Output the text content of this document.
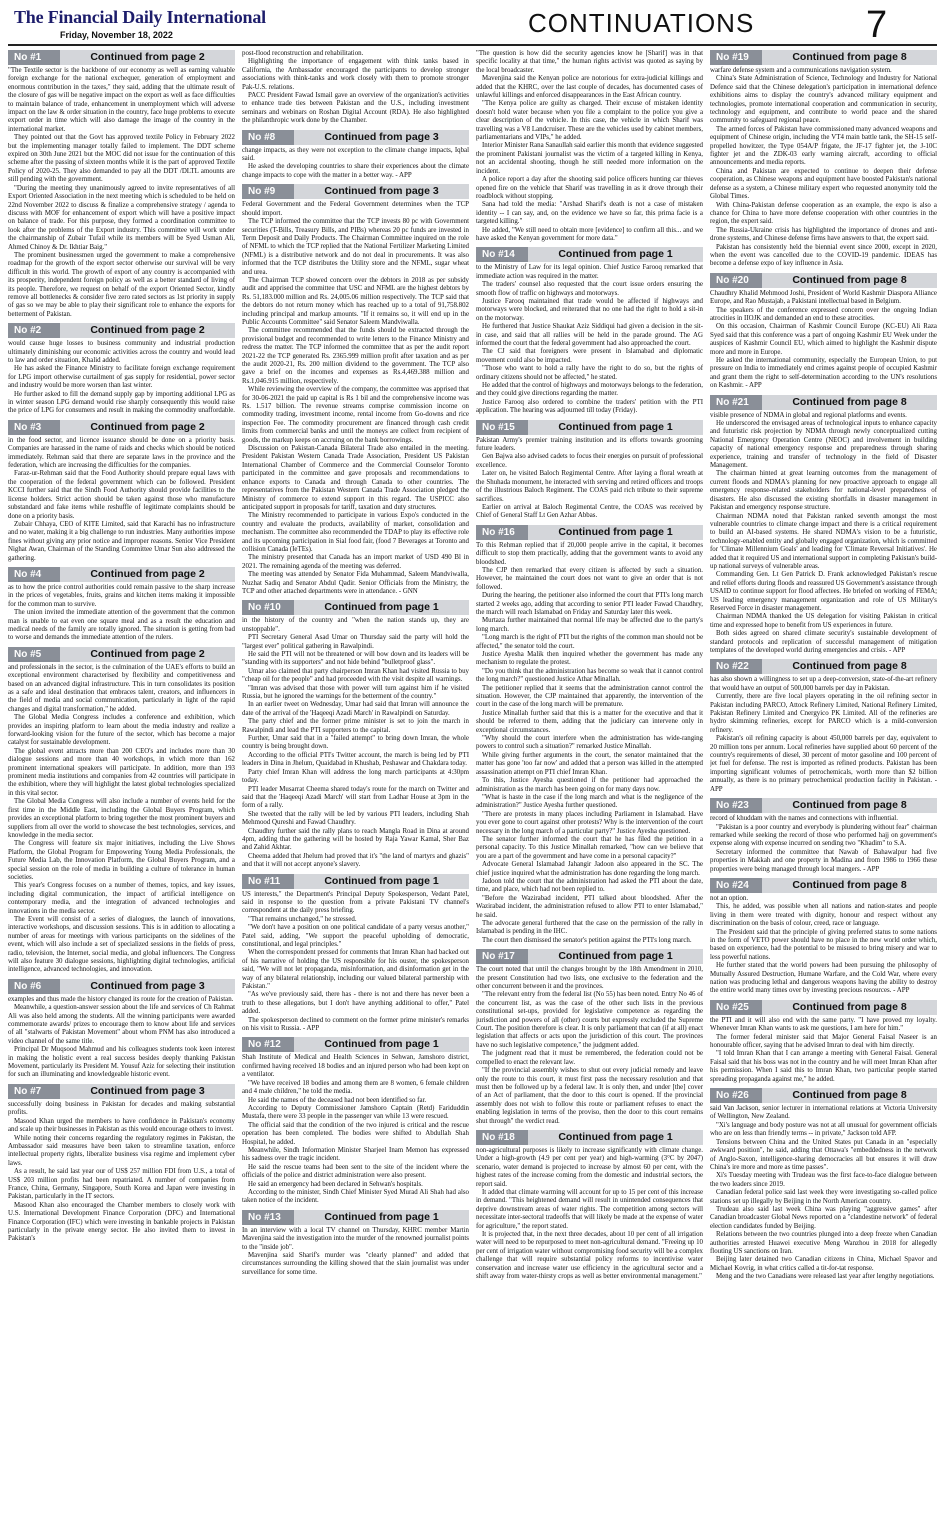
The Financial Daily International
Friday, November 18, 2022	CONTINUATIONS	7
No #1	Continued from page 2

"The Textile sector is the backbone of our economy as well as earning valuable foreign exchange for the national exchequer, generation of employment and enormous contribution in the taxes," they said, adding that the ultimate result of the closure of gas will be negative impact on the export as well as face difficulties to maintain balance of trade, enhancement in unemployment which will adverse impact on the law & order situation in the country, face huge problems to execute export order in time which will also damage the image of the country in the international market.

They pointed out that the Govt has approved textile Policy in February 2022 but the implementing manager totally failed to implement. The DDT scheme expired on 30th June 2021 but the MOC did not issue for the continuation of this scheme after the passing of sixteen months while it is the part of approved Textile Policy of 2020-25. They also demanded to pay all the DDT /DLTL amounts are still pending with the government.

"During the meeting they unanimously agreed to invite representatives of all Export Oriented Association in the next meeting which is scheduled to be held on 22nd November 2022 to discuss & finalize a comprehensive strategy / agenda to discuss with MOF for enhancement of export which will have a positive impact on balance of trade. For this purpose, they formed a coordination committee to look after the problems of the Export industry. This committee will work under the chairmanship of Zubair Tufail while its members will be Syed Usman Ali, Ahmed Chinoy & Dr. Ikhtiar Baig."

The prominent businessmen urged the government to make a comprehensive roadmap for the growth of the export sector otherwise our survival will be very difficult in this world. The growth of export of any country is accompanied with its prosperity, independent foreign policy as well as a better standard of living of its people. Therefore, we request on behalf of the export Oriented Sector, kindly remove all bottlenecks & consider five zero rated sectors as 1st priority in supply of gas so we may be able to play their significant role to enhance the exports for betterment of Pakistan.

No #2	Continued from page 2

would cause huge losses to business community and industrial production ultimately diminishing our economic activities across the country and would lead to law and order situation, Khalid added.

He has asked the Finance Ministry to facilitate foreign exchange requirement for LPG import otherwise curtailment of gas supply for residential, power sector and industry would be more worsen than last winter.

He further asked to fill the demand supply gap by importing additional LPG as in winter season LPG demand would rise sharply consequently this would raise the price of LPG for consumers and result in making the commodity unaffordable.

No #3	Continued from page 2

in the food sector, and licence issuance should be done on a priority basis. Companies are harassed in the name of raids and checks which should be noticed immediately. Rehman said that there are separate laws in the province and the federation, which are increasing the difficulties for the companies.

Faraz-ur-Rehman said that the Food Authority should prepare equal laws with the cooperation of the federal government which can be followed. President KCCI further said that the Sindh Food Authority should provide facilities to the license holders. Strict action should be taken against those who manufacture substandard and fake items while reshuffle of legitimate complaints should be done on a priority basis.

Zubair Chhaya, CEO of KITE Limited, said that Karachi has no infrastructure and no water, making it a big challenge to run industries. Many authorities impose fines without giving any prior notice and improper reasons. Senior Vice President Nighat Awan, Chairman of the Standing Committee Umar Sun also addressed the gathering.

No #4	Continued from page 2

as to how the price control authorities could remain passive to the sharp increase in the prices of vegetables, fruits, grains and kitchen items making it impossible for the common man to survive.

The union invited the immediate attention of the government that the common man is unable to eat even one square meal and as a result the education and medical needs of the family are totally ignored. The situation is getting from bad to worse and demands the immediate attention of the rulers.

No #5	Continued from page 2

and professionals in the sector, is the culmination of the UAE's efforts to build an exceptional environment characterised by flexibility and competitiveness and based on an advanced digital infrastructure. This in turn consolidates its position as a safe and ideal destination that embraces talent, creators, and influencers in the field of media and social communication, particularly in light of the rapid changes and digital transformation," he added.

The Global Media Congress includes a conference and exhibition, which provides an inspiring platform to learn about the media industry and realize a forward-looking vision for the future of the sector, which has become a major catalyst for sustainable development.

The global event attracts more than 200 CEO's and includes more than 30 dialogue sessions and more than 40 workshops, in which more than 162 prominent international speakers will participate. In addition, more than 193 prominent media institutions and companies from 42 countries will participate in the exhibition, where they will highlight the latest global technologies specialized in this vital sector.

The Global Media Congress will also include a number of events held for the first time in the Middle East, including the Global Buyers Program, which provides an exceptional platform to bring together the most prominent buyers and suppliers from all over the world to showcase the best technologies, services, and knowledge in the media sector.

The Congress will feature six major initiatives, including the Live Shows Platform, the Global Program for Empowering Young Media Professionals, the Future Media Lab, the Innovation Platform, the Global Buyers Program, and a special session on the role of media in building a culture of tolerance in human societies.

This year's Congress focuses on a number of themes, topics, and key issues, including digital communication, the impact of artificial intelligence on contemporary media, and the integration of advanced technologies and innovations in the media sector.

The Event will consist of a series of dialogues, the launch of innovations, interactive workshops, and discussion sessions. This is in addition to allocating a number of areas for meetings with various participants on the sidelines of the event, which will also include a set of specialized sessions in the fields of press, radio, television, the Internet, social media, and global influencers. The Congress will also feature 30 dialogue sessions, highlighting digital technologies, artificial intelligence, advanced technologies, and innovation.

No #6	Continued from page 3

examples and thus made the history changed its route for the creation of Pakistan.

Meanwhile, a question-answer session about the life and services of Ch Rahmat Ali was also held among the students. All the winning participants were awarded commemorate awards/ prizes to encourage them to know about life and services of all "stalwarts of Pakistan Movement" about whom PNM has also introduced a video channel of the same title.

Principal Dr Muqsood Mahmud and his colleagues students took keen interest in making the holistic event a real success besides deeply thanking Pakistan Movement, particularly its President M. Yousuf Aziz for selecting their institution for such an illuminating and knowledgeable historic event.

No #7	Continued from page 3

successfully doing business in Pakistan for decades and making substantial profits.

Masood Khan urged the members to have confidence in Pakistan's economy and scale up their businesses in Pakistan as this would encourage others to invest.

While noting their concerns regarding the regulatory regimes in Pakistan, the Ambassador said measures have been taken to streamline taxation, enforce intellectual property rights, liberalize business visa regime and implement cyber laws.

As a result, he said last year our of US$ 257 million FDI from U.S., a total of US$ 203 million profits had been repatriated. A number of companies from France, China, Germany, Singapore, South Korea and Japan were investing in Pakistan, particularly in the IT sectors.

Masood Khan also encouraged the Chamber members to closely work with U.S. International Development Finance Corporation (DFC) and International Finance Corporation (IFC) which were investing in bankable projects in Pakistan particularly in the private energy sector. He also invited them to invest in Pakistan's

post-flood reconstruction and rehabilitation.

Highlighting the importance of engagement with think tanks based in California, the Ambassador encouraged the participants to develop stronger associations with think-tanks and work closely with them to promote stronger Pak-U.S. relations.

PACC President Fawad Ismail gave an overview of the organization's activities to enhance trade ties between Pakistan and the U.S., including investment seminars and webinars on Roshan Digital Account (RDA). He also highlighted the philanthropic work done by the Chamber.

No #8	Continued from page 3

change impacts, as they were not exception to the climate change impacts, Iqbal said.

He asked the developing countries to share their experiences about the climate change impacts to cope with the matter in a better way. - APP

No #9	Continued from page 3

Federal Government and the Federal Government determines when the TCP should import.

The TCP informed the committee that the TCP invests 80 pc with Government securities (T-Bills, Treasury Bills, and PIBs) whereas 20 pc funds are invested in Term Deposit and Daily Products. The Chairman Committee inquired on the role of NFML to which the TCP replied that the National Fertilizer Marketing Limited (NFML) is a distributive network and do not deal in procurements. It was also informed that the TCP distributes the Utility store and the NFML, sugar wheat and urea.

The Chairman TCP showed concern over the debtors in 2018 as per subsidy audit and apprised the committee that USC and NFML are the highest debtors by Rs. 51,183.000 million and Rs. 24,005.06 million respectively. The TCP said that the debtors do not return money which has reached up to a total of 91,758.802 including principal and markup amounts. "If it remains so, it will end up in the Public Accounts Committee" said Senator Saleem Mandviwalla.

The committee recommended that the funds should be extracted through the provisional budget and recommended to write letters to the Finance Ministry and redress the matter. The TCP informed the committee that as per the audit report 2021-22 the TCP generated Rs. 2365.999 million profit after taxation and as per the audit 2020-21, Rs. 200 million dividend to the government. The TCP also gave a brief on the incomes and expenses as Rs.4,469.388 million and Rs.1,046.915 million, respectively.

While reviewing the overview of the company, the committee was apprised that for 30-06-2021 the paid up capital is Rs 1 bil and the comprehensive income was Rs. 1.517 billion. The revenue streams comprise commission income on commodity trading, investment income, rental income from Go-downs and rice inspection Fee. The commodity procurement are financed through cash credit limits from commercial banks and until the moneys are collect from recipient of goods, the markup keeps on accruing on the bank borrowings.

Discussion on Pakistan-Canada Bilateral Trade also entailed in the meeting. President Pakistan Western Canada Trade Association, President US Pakistan International Chamber of Commerce and the Commercial Counselor Toronto participated in the committee and gave proposals and recommendations to enhance exports to Canada and through Canada to other countries. The representatives from the Pakistan Western Canada Trade Association pledged the Ministry of commerce to extend support in this regard. The USPICC also anticipated support in proposals for tariff, taxation and duty structures.

The Ministry recommended to participate in various Expo's conducted in the country and evaluate the products, availability of market, consolidation and mechanism. The committee also recommended the TDAP to play its effective role and its upcoming participation in Sial food fair, (food 7 Beverages at Toronto and collision Canada (IeTEs).

The ministry presented that Canada has an import market of USD 490 Bl in 2021. The remaining agenda of the meeting was deferred.

The meeting was attended by Senator Fida Muhammad, Saleem Mandviwalla, Nuzhat Sadiq and Senator Abdul Qadir. Senior Officials from the Ministry, the TCP and other attached departments were in attendance. - GNN

No #10	Continued from page 1

in the history of the country and "when the nation stands up, they are unstoppable".

PTI Secretary General Asad Umar on Thursday said the party will hold the "largest ever" political gathering in Rawalpindi.

He said the PTI will not be threatened or will bow down and its leaders will be "standing with its supporters" and not hide behind "bulletproof glass".

Umar also claimed that party chairperson Imran Khan had visited Russia to buy "cheap oil for the people" and had proceeded with the visit despite all warnings.

"Imran was advised that those with power will turn against him if he visited Russia, but he ignored the warnings for the betterment of the country."

In an earlier tweet on Wednesday, Umar had said that Imran will announce the date of the arrival of the 'Haqeeqi Azadi March' in Rawalpindi on Saturday.

The party chief and the former prime minister is set to join the march in Rawalpindi and lead the PTI supporters to the capital.

Further, Umar said that in a "failed attempt" to bring down Imran, the whole country is being brought down.

According to the official PTI's Twitter account, the march is being led by PTI leaders in Dina in Jhelum, Quaidabad in Khushab, Peshawar and Chakdara today.

Party chief Imran Khan will address the long march participants at 4:30pm today.

PTI leader Musarrat Cheema shared today's route for the march on Twitter and said that the 'Haqeeqi Azadi March' will start from Ladhar House at 3pm in the form of a rally.

She tweeted that the rally will be led by various PTI leaders, including Shah Mehmood Qureshi and Fawad Chaudhry.

Chaudhry further said the rally plans to reach Mangla Road in Dina at around 4pm, adding that the gathering will be hosted by Raja Yawar Kamal, Sher Baz and Zahid Akhtar.

Cheema added that Jhelum had proved that it's "the land of martyrs and ghazis" and that it will not accept anyone's slavery.

No #11	Continued from page 1

US interests," the Department's Principal Deputy Spokesperson, Vedant Patel, said in response to the question from a private Pakistani TV channel's correspondent at the daily press briefing.

"That remains unchanged," he stressed.

"We don't have a position on one political candidate of a party versus another," Patel said, adding, "We support the peaceful upholding of democratic, constitutional, and legal principles."

When the correspondent pressed for comments that Imran Khan had backed out of his narrative of holding the US responsible for his ouster, the spokesperson said, "We will not let propaganda, misinformation, and disinformation get in the way of any bilateral relationship, including our valued bilateral partnership with Pakistan."

"As we've previously said, there has - there is not and there has never been a truth to these allegations, but I don't have anything additional to offer," Patel added.

The spokesperson declined to comment on the former prime minister's remarks on his visit to Russia. - APP

No #12	Continued from page 1

Shah Institute of Medical and Health Sciences in Sehwan, Jamshoro district, confirmed having received 18 bodies and an injured person who had been kept on a ventilator.

"We have received 18 bodies and among them are 8 women, 6 female children and 4 male children," he told the media.

He said the names of the deceased had not been identified so far.

According to Deputy Commissioner Jamshoro Captain (Retd) Fariduddin Mustafa, there were 33 people in the passenger van while 13 were rescued.

The official said that the condition of the two injured is critical and the rescue operation has been completed. The bodies were shifted to Abdullah Shah Hospital, he added.

Meanwhile, Sindh Information Minister Sharjeel Inam Memon has expressed his sadness over the tragic incident.

He said the rescue teams had been sent to the site of the incident where the officials of the police and district administration were also present.

He said an emergency had been declared in Sehwan's hospitals.

According to the minister, Sindh Chief Minister Syed Murad Ali Shah had also taken notice of the incident.

No #13	Continued from page 1

In an interview with a local TV channel on Thursday, KHRC member Martin Mavenjina said the investigation into the murder of the renowned journalist points to the "inside job".

Mavenjina said Sharif's murder was "clearly planned" and added that circumstances surrounding the killing showed that the slain journalist was under surveillance for some time.

"The question is how did the security agencies know he [Sharif] was in that specific locality at that time," the human rights activist was quoted as saying by the local broadcaster.

Mavenjina said the Kenyan police are notorious for extra-judicial killings and added that the KHRC, over the last couple of decades, has documented cases of unlawful killings and enforced disappearances in the East African country.

"The Kenya police are guilty as charged. Their excuse of mistaken identity doesn't hold water because when you file a complaint to the police you give a clear description of the vehicle. In this case, the vehicle in which Sharif was travelling was a V8 Landcruiser. These are the vehicles used by cabinet members, parliamentarians and VIPs," he added.

Interior Minister Rana Sanaullah said earlier this month that evidence suggested the prominent Pakistani journalist was the victim of a targeted killing in Kenya, not an accidental shooting, though he still needed more information on the incident.

A police report a day after the shooting said police officers hunting car thieves opened fire on the vehicle that Sharif was travelling in as it drove through their roadblock without stopping.

Sana had told the media: "Arshad Sharif's death is not a case of mistaken identity -- I can say, and, on the evidence we have so far, this prima facie is a targeted killing."

He added, "We still need to obtain more [evidence] to confirm all this... and we have asked the Kenyan government for more data."

No #14	Continued from page 1

to the Ministry of Law for its legal opinion. Chief Justice Farooq remarked that immediate action was required in the matter.

The traders' counsel also requested that the court issue orders ensuring the smooth flow of traffic on highways and motorways.

Justice Farooq maintained that trade would be affected if highways and motorways were blocked, and reiterated that no one had the right to hold a sit-in on the motorway.

He furthered that Justice Shaukat Aziz Siddiqui had given a decision in the sit-in case, and said that all rallies will be held in the parade ground. The AG informed the court that the federal government had also approached the court.

The CJ said that foreigners were present in Islamabad and diplomatic movement could also be impacted.

"Those who want to hold a rally have the right to do so, but the rights of ordinary citizens should not be affected," he stated.

He added that the control of highways and motorways belongs to the federation, and they could give directions regarding the matter.

Justice Farooq also ordered to combine the traders' petition with the PTI application. The hearing was adjourned till today (Friday).

No #15	Continued from page 1

Pakistan Army's premier training institution and its efforts towards grooming future leaders.

Gen Bajwa also advised cadets to focus their energies on pursuit of professional excellence.

Later on, he visited Baloch Regimental Centre. After laying a floral wreath at the Shuhada monument, he interacted with serving and retired officers and troops of the illustrious Baloch Regiment. The COAS paid rich tribute to their supreme sacrifices.

Earlier on arrival at Baloch Regimental Centre, the COAS was received by Chief of General Staff Lt Gen Azhar Abbas.

No #16	Continued from page 1

To this Rehman replied that if 20,000 people arrive in the capital, it becomes difficult to stop them practically, adding that the government wants to avoid any bloodshed.

The CJP then remarked that every citizen is affected by such a situation. However, he maintained the court does not want to give an order that is not followed.

During the hearing, the petitioner also informed the court that PTI's long march started 2 weeks ago, adding that according to senior PTI leader Fawad Chaudhry, the march will reach Islamabad on Friday and Saturday later this week.

Murtaza further maintained that normal life may be affected due to the party's long march.

"Long march is the right of PTI but the rights of the common man should not be affected," the senator told the court.

Justice Ayesha Malik then inquired whether the government has made any mechanism to regulate the protest.

"Do you think that the administration has become so weak that it cannot control the long march?" questioned Justice Athar Minallah.

The petitioner replied that it seems that the administration cannot control the situation. However, the CJP maintained that apparently, the intervention of the court in the case of the long march will be premature.

Justice Minallah further said that this is a matter for the executive and that it should be referred to them, adding that the judiciary can intervene only in exceptional circumstances.

"Why should the court interfere when the administration has wide-ranging powers to control such a situation?" remarked Justice Minallah.

While giving further arguments in the court, the senator maintained that the matter has gone 'too far now' and added that a person was killed in the attempted assassination attempt on PTI chief Imran Khan.

To this, Justice Ayesha questioned if the petitioner had approached the administration as the march has been going on for many days now.

"What is haste in the case if the long march and what is the negligence of the administration?" Justice Ayesha further questioned.

"There are protests in many places including Parliament in Islamabad. Have you ever gone to court against other protests? Why is the intervention of the court necessary in the long march of a particular party?" Justice Ayesha questioned.

The senator further informed the court that he has filed the petition in a personal capacity. To this Justice Minallah remarked, "how can we believe that you are a part of the government and have come in a personal capacity?"

Advocate General Islamabad Jahangir Jadoon also appeared in the SC. The chief justice inquired what the administration has done regarding the long march.

Jadoon told the court that the administration had asked the PTI about the date, time, and place, which had not been replied to.

"Before the Wazirabad incident, PTI talked about bloodshed. After the Wazirabad incident, the administration refused to allow PTI to enter Islamabad," he said.

The advocate general furthered that the case on the permission of the rally in Islamabad is pending in the IHC.

The court then dismissed the senator's petition against the PTI's long march.

No #17	Continued from page 1

The court noted that until the changes brought by the 18th Amendment in 2010, the present Constitution had two lists, one exclusive to the federation and the other concurrent between it and the provinces.

"The relevant entry from the federal list (No 55) has been noted. Entry No 46 of the concurrent list, as was the case of the other such lists in the previous constitutional set-ups, provided for legislative competence as regarding the jurisdiction and powers of all (other) courts but expressly excluded the Supreme Court. The position therefore is clear. It is only parliament that can (if at all) enact legislation that affects or acts upon the jurisdiction of this court. The provinces have no such legislative competence," the judgment added.

The judgment read that it must be remembered, the federation could not be compelled to enact the relevant law.

"If the provincial assembly wishes to shut out every judicial remedy and leave only the route to this court, it must first pass the necessary resolution and that must then be followed up by a federal law. It is only then, and under [the] cover of an Act of parliament, that the door to this court is opened. If the provincial assembly does not wish to follow this route or parliament refuses to enact the enabling legislation in terms of the proviso, then the door to this court remains shut through" the verdict read.

No #18	Continued from page 1

non-agricultural purposes is likely to increase significantly with climate change. Under a high-growth (4.9 per cent per year) and high-warming (3°C by 2047) scenario, water demand is projected to increase by almost 60 per cent, with the highest rates of the increase coming from the domestic and industrial sectors, the report said.

It added that climate warming will account for up to 15 per cent of this increase in demand. "This heightened demand will result in unintended consequences that deprive downstream areas of water rights. The competition among sectors will necessitate inter-sectoral tradeoffs that will likely be made at the expense of water for agriculture," the report stated.

It is projected that, in the next three decades, about 10 per cent of all irrigation water will need to be repurposed to meet non-agricultural demand. "Freeing up 10 per cent of irrigation water without compromising food security will be a complex challenge that will require substantial policy reforms to incentivise water conservation and increase water use efficiency in the agricultural sector and a shift away from water-thirsty crops as well as better environmental management."

No #19	Continued from page 8

warfare defense system and a communications navigation system.

China's State Administration of Science, Technology and Industry for National Defence said that the Chinese delegation's participation in international defence exhibitions aims to display the country's advanced military equipment and technologies, promote international cooperation and communication in security, technology and equipment, and contribute to world peace and the shared community to safeguard regional peace.

The armed forces of Pakistan have commissioned many advanced weapons and equipment of Chinese origin, including the VT4 main battle tank, the SH-15 self-propelled howitzer, the Type 054A/P frigate, the JF-17 fighter jet, the J-10C fighter jet and the ZDK-03 early warning aircraft, according to official announcements and media reports.

China and Pakistan are expected to continue to deepen their defense cooperation, as Chinese weapons and equipment have boosted Pakistan's national defense as a system, a Chinese military expert who requested anonymity told the Global Times.

With China-Pakistan defense cooperation as an example, the expo is also a chance for China to have more defense cooperation with other countries in the region, the expert said.

The Russia-Ukraine crisis has highlighted the importance of drones and anti-drone systems, and Chinese defense firms have answers to that, the expert said.

Pakistan has consistently held the biennial event since 2000, except in 2020, when the event was cancelled due to the COVID-19 pandemic. IDEAS has become a defense expo of key influence in Asia.

No #20	Continued from page 8

Chaudhry Khalid Mehmood Joshi, President of World Kashmir Diaspora Alliance Europe, and Rao Mustajab, a Pakistani intellectual based in Belgium.

The speakers of the conference expressed concern over the ongoing Indian atrocities in IIOJK and demanded an end to these atrocities.

On this occasion, Chairman of Kashmir Council Europe (KC-EU) Ali Raza Syed said that this conference was a part of ongoing Kashmir EU Week under the auspices of Kashmir Council EU, which aimed to highlight the Kashmir dispute more and more in Europe.

He asked the international community, especially the European Union, to put pressure on India to immediately end crimes against people of occupied Kashmir and grant them the right to self-determination according to the UN's resolutions on Kashmir. - APP

No #21	Continued from page 8

visible presence of NDMA in global and regional platforms and events.

He underscored the envisaged areas of technological inputs to enhance capacity and futuristic risk projection by NDMA through newly conceptualized cutting National Emergency Operation Centre (NEOC) and involvement in building capacity of national emergency response and preparedness through sharing experience, training and transfer of technology in the field of Disaster Management.

The chairman hinted at great learning outcomes from the management of current floods and NDMA's planning for new proactive approach to engage all emergency response-related stakeholders for national-level preparedness of disasters. He also discussed the existing shortfalls in disaster management in Pakistan and emergency response structure.

Chairman NDMA noted that Pakistan ranked seventh amongst the most vulnerable countries to climate change impact and there is a critical requirement to build an AI-based systems. He shared NDMA's vision to be a futuristic, technology-enabled entity and globally engaged organization, which is committed for 'Climate Millennium Goals' and leading for 'Climate Reversal Initiatives'. He added that it required US and international support in completing Pakistan's build-up national surveys of vulnerable areas.

Commanding Gen. Lt Gen Patrick D. Frank acknowledged Pakistan's rescue and relief efforts during floods and reassured US Government's assistance through USAID to continue support for flood affectees. He briefed on working of FEMA; US leading emergency management organization and role of US Military's Reserved Force in disaster management.

Chairman NDMA thanked the US delegation for visiting Pakistan in critical time and expressed hope to benefit from US experiences in future.

Both sides agreed on shared climate security's sustainable development of standard protocols and replication of successful management of mitigation templates of the developed world during emergencies and crisis. - APP

No #22	Continued from page 8

has also shown a willingness to set up a deep-conversion, state-of-the-art refinery that would have an output of 500,000 barrels per day in Pakistan.

Currently, there are five local players operating in the oil refining sector in Pakistan including PARCO, Attock Refinery Limited, National Refinery Limited, Pakistan Refinery Limited and Cnergyico PK Limited. All of the refineries are hydro skimming refineries, except for PARCO which is a mild-conversion refinery.

Pakistan's oil refining capacity is about 450,000 barrels per day, equivalent to 20 million tons per annum. Local refineries have supplied about 60 percent of the country's requirements of diesel, 30 percent of motor gasoline and 100 percent of jet fuel for defense. The rest is imported as refined products. Pakistan has been importing significant volumes of petrochemicals, worth more than $2 billion annually, as there is no primary petrochemical production facility in Pakistan. - APP

No #23	Continued from page 8

record of khuddam with the names and connections with influential.

"Pakistan is a poor country and everybody is plundering without fear" chairman remarked while seeking the record of those who performed hajj on government's expense along with expense incurred on sending two "Khadim" to S.A.

Secretary informed the committee that Nawab of Bahawalpur had five properties in Makkah and one property in Madina and from 1986 to 1966 these properties were being managed through local mangers. - APP

No #24	Continued from page 8

not an option.

This, he added, was possible when all nations and nation-states and people living in them were treated with dignity, honour and respect without any discrimination on the basis of colour, creed, race or language.

The President said that the principle of giving preferred status to some nations in the form of VETO power should have no place in the new world order which, based on experience, had the potential to be misused to bring misery and war to less powerful nations.

He further stated that the world powers had been pursuing the philosophy of Mutually Assured Destruction, Humane Warfare, and the Cold War, where every nation was producing lethal and dangerous weapons having the ability to destroy the entire world many times over by investing precious resources. - APP

No #25	Continued from page 8

the PTI and it will also end with the same party. "I have proved my loyalty. Whenever Imran Khan wants to ask me questions, I am here for him."

The former federal minister said that Major General Faisal Naseer is an honourable officer, saying that he advised Imran to deal with him directly.

"I told Imran Khan that I can arrange a meeting with General Faisal. General Faisal said that his boss was not in the country and he will meet Imran Khan after his permission. When I said this to Imran Khan, two particular people started spreading propaganda against me," he added.

No #26	Continued from page 8

said Van Jackson, senior lecturer in international relations at Victoria University of Wellington, New Zealand.

"Xi's language and body posture was not at all unusual for government officials who are on less than friendly terms -- in private," Jackson told AFP.

Tensions between China and the United States put Canada in an "especially awkward position", he said, adding that Ottawa's "embeddedness in the network of Anglo-Saxon, intelligence-sharing democracies all but ensures it will draw China's ire more and more as time passes".

Xi's Tuesday meeting with Trudeau was the first face-to-face dialogue between the two leaders since 2019.

Canadian federal police said last week they were investigating so-called police stations set up illegally by Beijing in the North American country.

Trudeau also said last week China was playing "aggressive games" after Canadian broadcaster Global News reported on a "clandestine network" of federal election candidates funded by Beijing.

Relations between the two countries plunged into a deep freeze when Canadian authorities arrested Huawei executive Meng Wanzhou in 2018 for allegedly flouting US sanctions on Iran.

Beijing later detained two Canadian citizens in China, Michael Spavor and Michael Kovrig, in what critics called a tit-for-tat response.

Meng and the two Canadians were released last year after lengthy negotiations.
